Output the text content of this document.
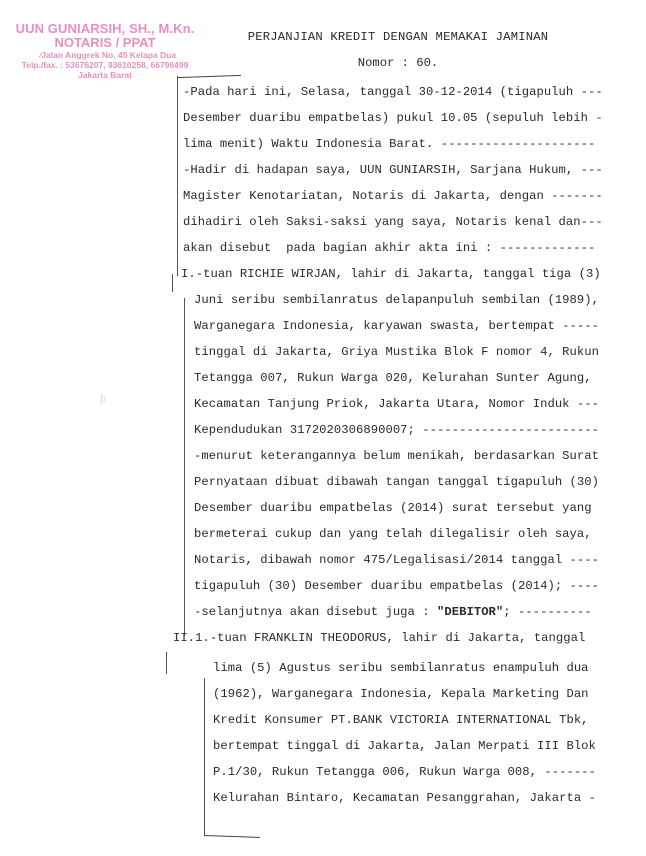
UUN GUNIARSIH, SH., M.Kn.
NOTARIS / PPAT
⁄Jalan Anggrek No. 45 Kelapa Dua
Telp./fax. : 53676207, 93610258, 66796499
Jakarta Barat
PERJANJIAN KREDIT DENGAN MEMAKAI JAMINAN
Nomor : 60.
-Pada hari ini, Selasa, tanggal 30-12-2014 (tigapuluh ---
Desember duaribu empatbelas) pukul 10.05 (sepuluh lebih -
lima menit) Waktu Indonesia Barat. ---------------------
-Hadir di hadapan saya, UUN GUNIARSIH, Sarjana Hukum, ---
Magister Kenotariatan, Notaris di Jakarta, dengan -------
dihadiri oleh Saksi-saksi yang saya, Notaris kenal dan---
akan disebut  pada bagian akhir akta ini : -------------
I.-tuan RICHIE WIRJAN, lahir di Jakarta, tanggal tiga (3)
Juni seribu sembilanratus delapanpuluh sembilan (1989),
Warganegara Indonesia, karyawan swasta, bertempat -----
tinggal di Jakarta, Griya Mustika Blok F nomor 4, Rukun
Tetangga 007, Rukun Warga 020, Kelurahan Sunter Agung,
Kecamatan Tanjung Priok, Jakarta Utara, Nomor Induk ---
Kependudukan 3172020306890007; ------------------------
-menurut keterangannya belum menikah, berdasarkan Surat
Pernyataan dibuat dibawah tangan tanggal tigapuluh (30)
Desember duaribu empatbelas (2014) surat tersebut yang
bermeterai cukup dan yang telah dilegalisir oleh saya,
Notaris, dibawah nomor 475/Legalisasi/2014 tanggal ----
tigapuluh (30) Desember duaribu empatbelas (2014); ----
-selanjutnya akan disebut juga : "DEBITOR"; ----------
II.1.-tuan FRANKLIN THEODORUS, lahir di Jakarta, tanggal
lima (5) Agustus seribu sembilanratus enampuluh dua
(1962), Warganegara Indonesia, Kepala Marketing Dan
Kredit Konsumer PT.BANK VICTORIA INTERNATIONAL Tbk,
bertempat tinggal di Jakarta, Jalan Merpati III Blok
P.1/30, Rukun Tetangga 006, Rukun Warga 008, -------
Kelurahan Bintaro, Kecamatan Pesanggrahan, Jakarta -
ƥ
